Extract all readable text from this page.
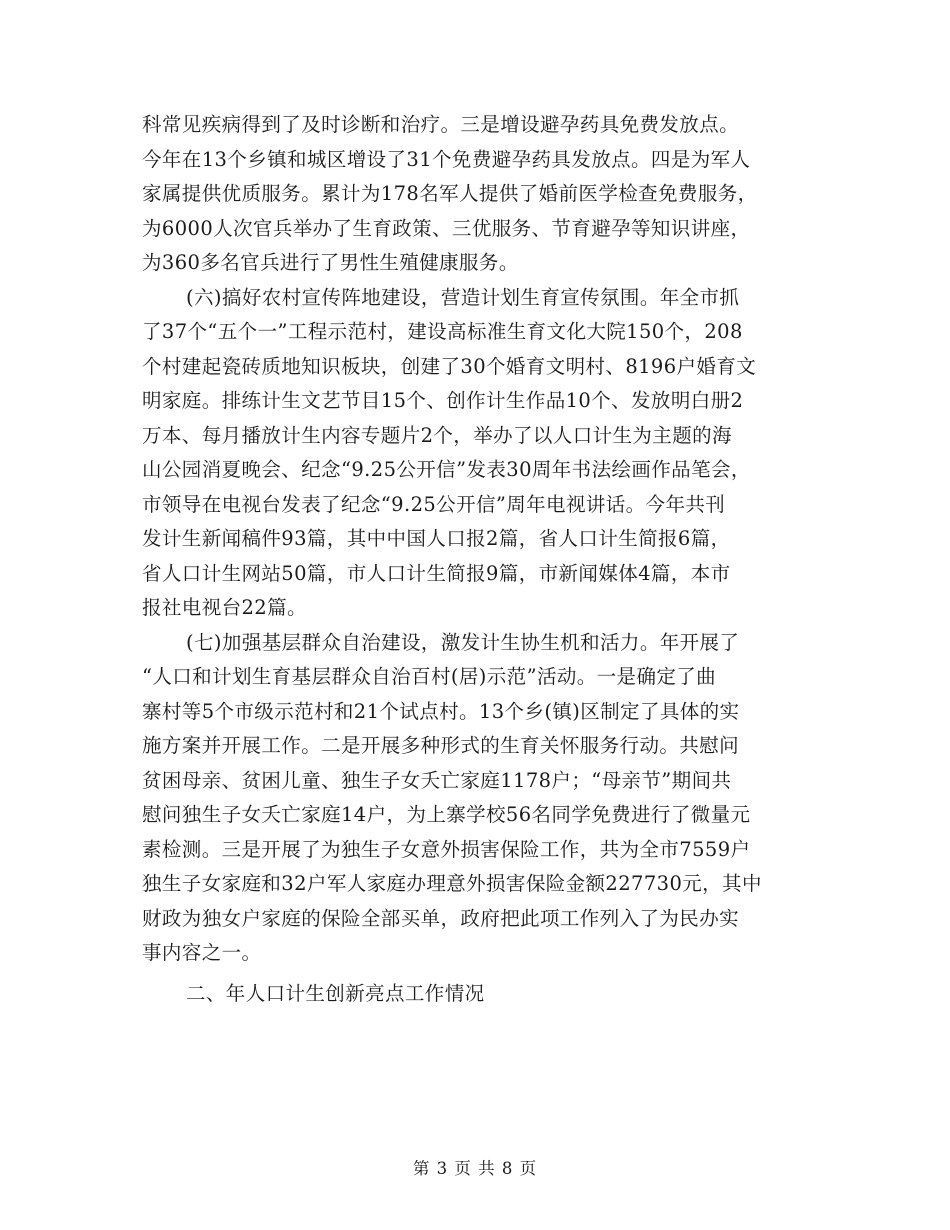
科常见疾病得到了及时诊断和治疗。三是增设避孕药具免费发放点。
今年在13个乡镇和城区增设了31个免费避孕药具发放点。四是为军人
家属提供优质服务。累计为178名军人提供了婚前医学检查免费服务，
为6000人次官兵举办了生育政策、三优服务、节育避孕等知识讲座，
为360多名官兵进行了男性生殖健康服务。
(六)搞好农村宣传阵地建设，营造计划生育宣传氛围。年全市抓
了37个“五个一”工程示范村，建设高标准生育文化大院150个，208
个村建起瓷砖质地知识板块，创建了30个婚育文明村、8196户婚育文
明家庭。排练计生文艺节目15个、创作计生作品10个、发放明白册2
万本、每月播放计生内容专题片2个，举办了以人口计生为主题的海
山公园消夏晚会、纪念“9.25公开信”发表30周年书法绘画作品笔会，
市领导在电视台发表了纪念“9.25公开信”周年电视讲话。今年共刊
发计生新闻稿件93篇，其中中国人口报2篇，省人口计生简报6篇，
省人口计生网站50篇，市人口计生简报9篇，市新闻媒体4篇，本市
报社电视台22篇。
(七)加强基层群众自治建设，激发计生协生机和活力。年开展了
“人口和计划生育基层群众自治百村(居)示范”活动。一是确定了曲
寨村等5个市级示范村和21个试点村。13个乡(镇)区制定了具体的实
施方案并开展工作。二是开展多种形式的生育关怀服务行动。共慰问
贫困母亲、贫困儿童、独生子女夭亡家庭1178户；“母亲节”期间共
慰问独生子女夭亡家庭14户，为上寨学校56名同学免费进行了微量元
素检测。三是开展了为独生子女意外损害保险工作，共为全市7559户
独生子女家庭和32户军人家庭办理意外损害保险金额227730元，其中
财政为独女户家庭的保险全部买单，政府把此项工作列入了为民办实
事内容之一。
二、年人口计生创新亮点工作情况
第 3 页 共 8 页
